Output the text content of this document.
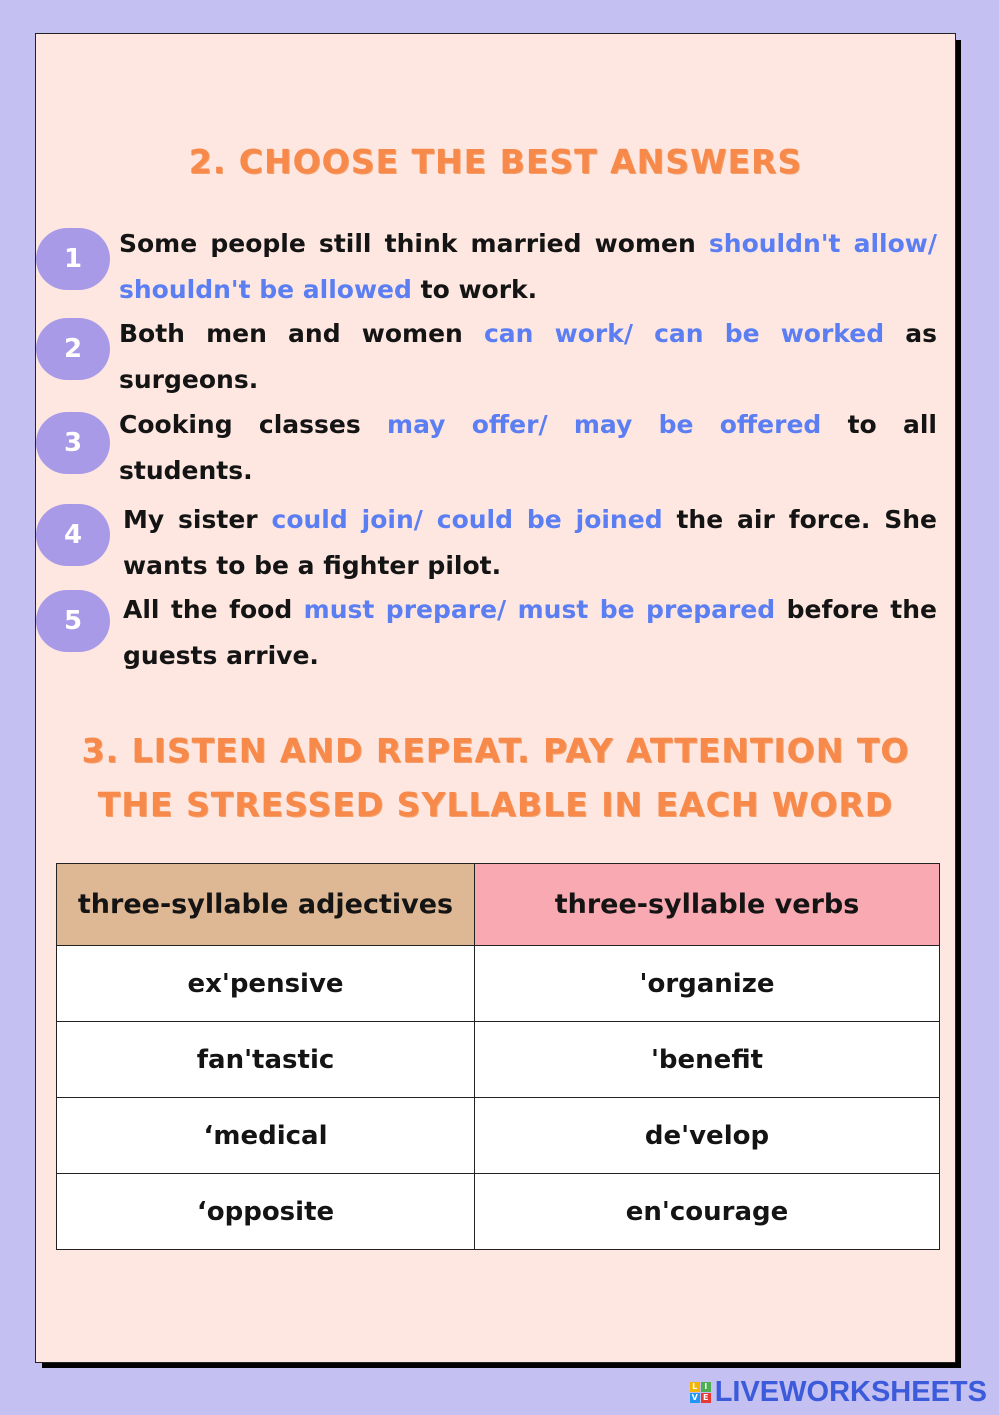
2. CHOOSE THE BEST ANSWERS
1
Some people still think married women shouldn't allow/ shouldn't be allowed to work.
2
Both men and women can work/ can be worked as surgeons.
3
Cooking classes may offer/ may be offered to all students.
4
My sister could join/ could be joined the air force. She wants to be a fighter pilot.
5	All the food must prepare/ must be prepared before the guests arrive.
3. LISTEN AND REPEAT. PAY ATTENTION TO
THE STRESSED SYLLABLE IN EACH WORD
three-syllable adjectives	three-syllable verbs
ex'pensive	'organize
fan'tastic	'benefit
‘medical	de'velop
‘opposite	en'courage
L I
V E LIVEWORKSHEETS
